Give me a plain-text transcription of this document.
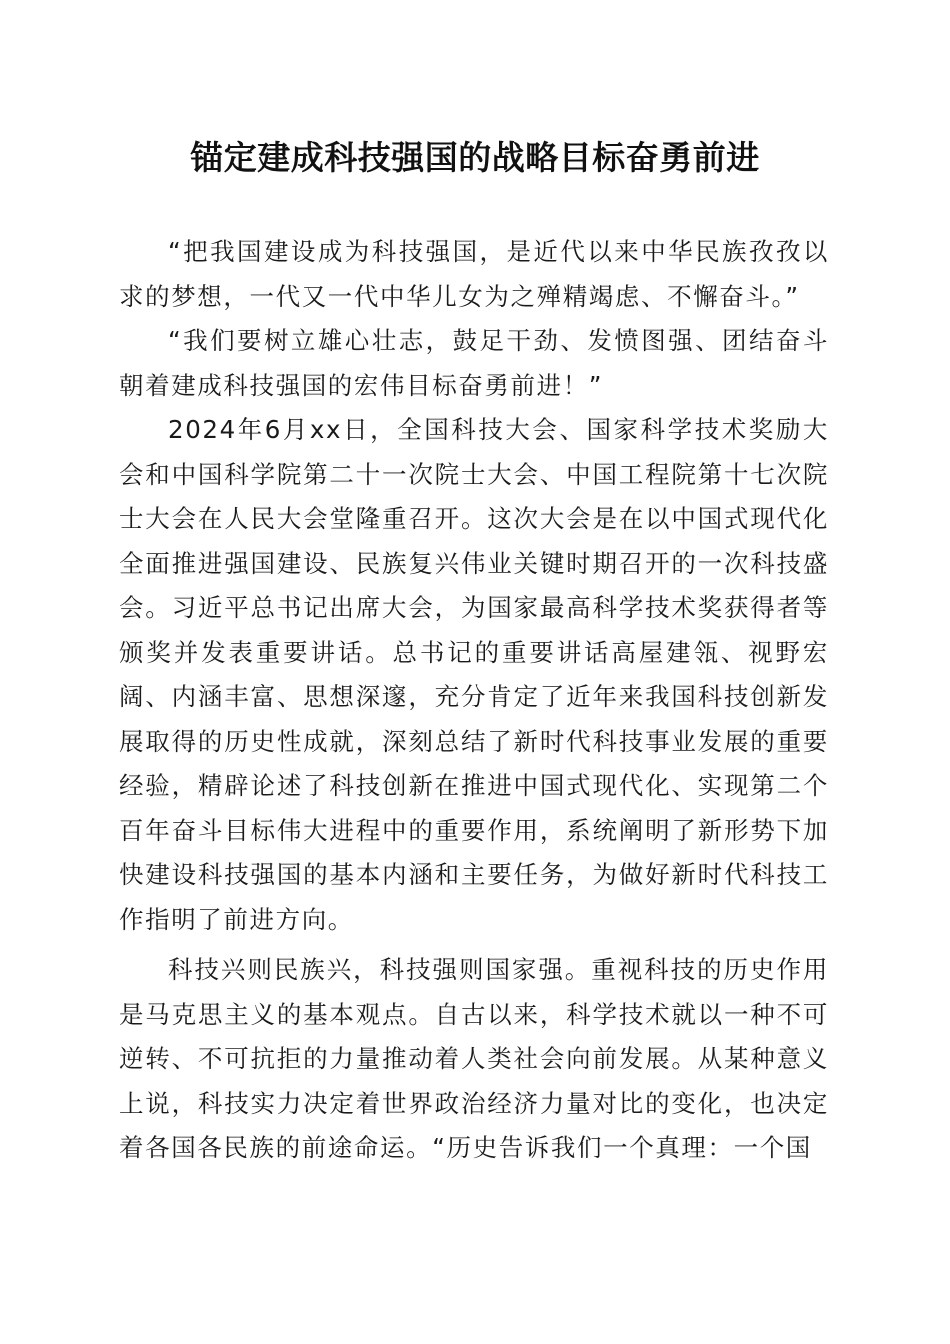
锚定建成科技强国的战略目标奋勇前进

“把我国建设成为科技强国，是近代以来中华民族孜孜以求的梦想，一代又一代中华儿女为之殚精竭虑、不懈奋斗。”

“我们要树立雄心壮志，鼓足干劲、发愤图强、团结奋斗朝着建成科技强国的宏伟目标奋勇前进！”

2024年6月xx日，全国科技大会、国家科学技术奖励大会和中国科学院第二十一次院士大会、中国工程院第十七次院士大会在人民大会堂隆重召开。这次大会是在以中国式现代化全面推进强国建设、民族复兴伟业关键时期召开的一次科技盛会。习近平总书记出席大会，为国家最高科学技术奖获得者等颁奖并发表重要讲话。总书记的重要讲话高屋建瓴、视野宏阔、内涵丰富、思想深邃，充分肯定了近年来我国科技创新发展取得的历史性成就，深刻总结了新时代科技事业发展的重要经验，精辟论述了科技创新在推进中国式现代化、实现第二个百年奋斗目标伟大进程中的重要作用，系统阐明了新形势下加快建设科技强国的基本内涵和主要任务，为做好新时代科技工作指明了前进方向。

科技兴则民族兴，科技强则国家强。重视科技的历史作用是马克思主义的基本观点。自古以来，科学技术就以一种不可逆转、不可抗拒的力量推动着人类社会向前发展。从某种意义上说，科技实力决定着世界政治经济力量对比的变化，也决定着各国各民族的前途命运。“历史告诉我们一个真理：一个国
